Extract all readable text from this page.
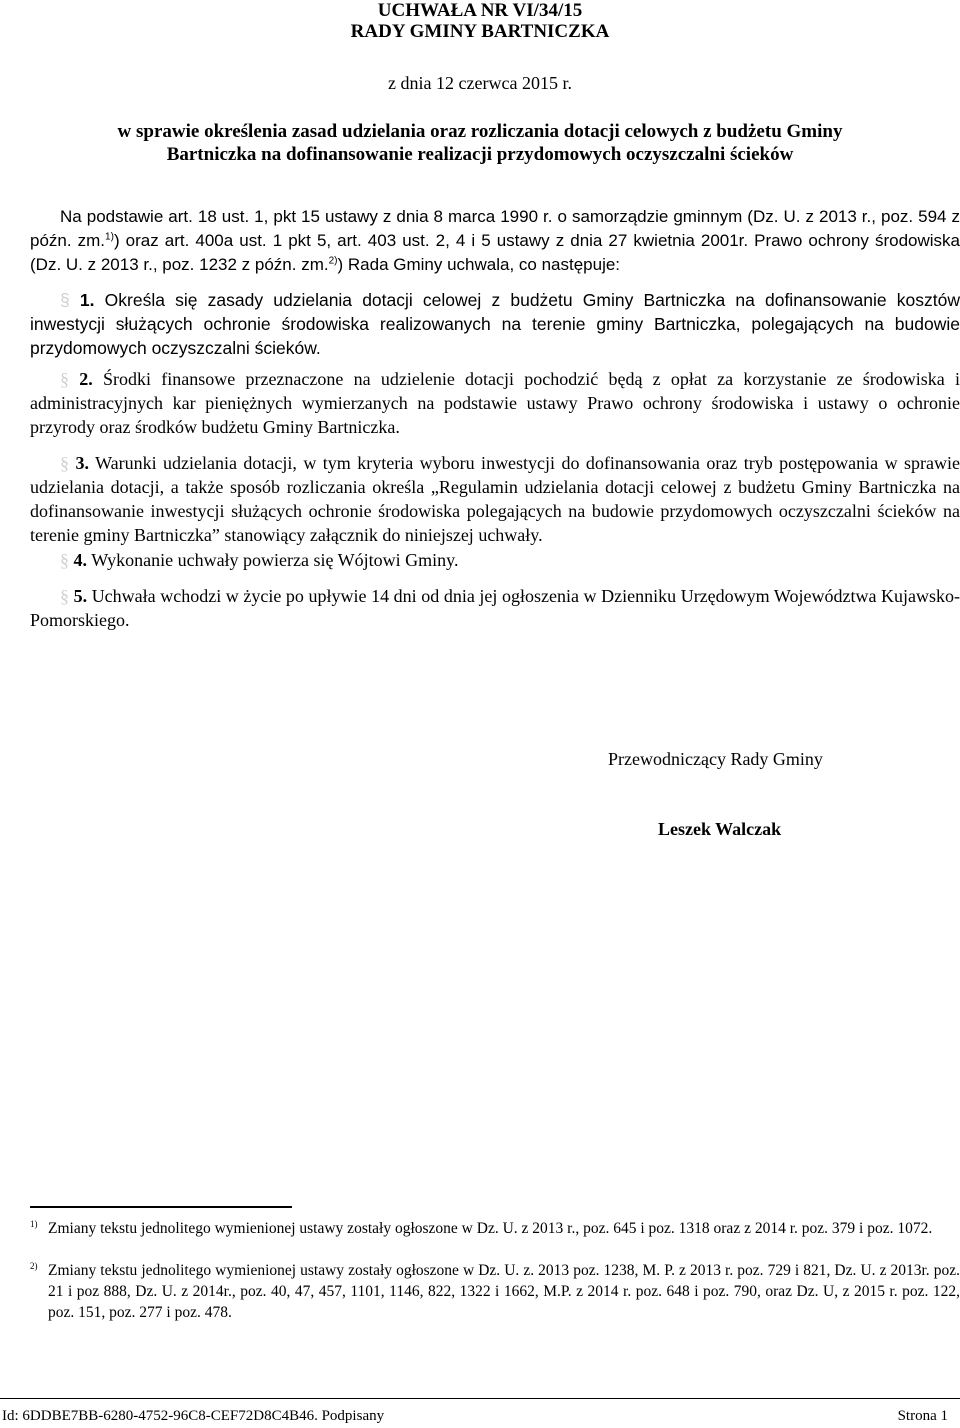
UCHWAŁA NR VI/34/15
RADY GMINY BARTNICZKA
z dnia 12 czerwca 2015 r.
w sprawie określenia zasad udzielania oraz rozliczania dotacji celowych z budżetu Gminy Bartniczka na dofinansowanie realizacji przydomowych oczyszczalni ścieków
Na podstawie art. 18 ust. 1, pkt 15 ustawy z dnia 8 marca 1990 r. o samorządzie gminnym (Dz. U. z 2013 r., poz. 594 z późn. zm.$^{1)}$) oraz art. 400a ust. 1 pkt 5, art. 403 ust. 2, 4 i 5 ustawy z dnia 27 kwietnia 2001r. Prawo ochrony środowiska (Dz. U. z 2013 r., poz. 1232 z późn. zm.$^{2)}$) Rada Gminy uchwala, co następuje:
§ 1. Określa się zasady udzielania dotacji celowej z budżetu Gminy Bartniczka na dofinansowanie kosztów inwestycji służących ochronie środowiska realizowanych na terenie gminy Bartniczka, polegających na budowie przydomowych oczyszczalni ścieków.
§ 2. Środki finansowe przeznaczone na udzielenie dotacji pochodzić będą z opłat za korzystanie ze środowiska i administracyjnych kar pieniężnych wymierzanych na podstawie ustawy Prawo ochrony środowiska i ustawy o ochronie przyrody oraz środków budżetu Gminy Bartniczka.
§ 3. Warunki udzielania dotacji, w tym kryteria wyboru inwestycji do dofinansowania oraz tryb postępowania w sprawie udzielania dotacji, a także sposób rozliczania określa „Regulamin udzielania dotacji celowej z budżetu Gminy Bartniczka na dofinansowanie inwestycji służących ochronie środowiska polegających na budowie przydomowych oczyszczalni ścieków na terenie gminy Bartniczka” stanowiący załącznik do niniejszej uchwały.
§ 4. Wykonanie uchwały powierza się Wójtowi Gminy.
§ 5. Uchwała wchodzi w życie po upływie 14 dni od dnia jej ogłoszenia w Dzienniku Urzędowym Województwa Kujawsko-Pomorskiego.
Przewodniczący Rady Gminy
Leszek Walczak
1) Zmiany tekstu jednolitego wymienionej ustawy zostały ogłoszone w Dz. U. z 2013 r., poz. 645 i poz. 1318 oraz z 2014 r. poz. 379 i poz. 1072.
2) Zmiany tekstu jednolitego wymienionej ustawy zostały ogłoszone w Dz. U. z. 2013 poz. 1238, M. P. z 2013 r. poz. 729 i 821, Dz. U. z 2013r. poz. 21 i poz 888, Dz. U. z 2014r., poz. 40, 47, 457, 1101, 1146, 822, 1322 i 1662, M.P. z 2014 r. poz. 648 i poz. 790, oraz Dz. U, z 2015 r. poz. 122, poz. 151, poz. 277 i poz. 478.
Id: 6DDBE7BB-6280-4752-96C8-CEF72D8C4B46. Podpisany	Strona 1
